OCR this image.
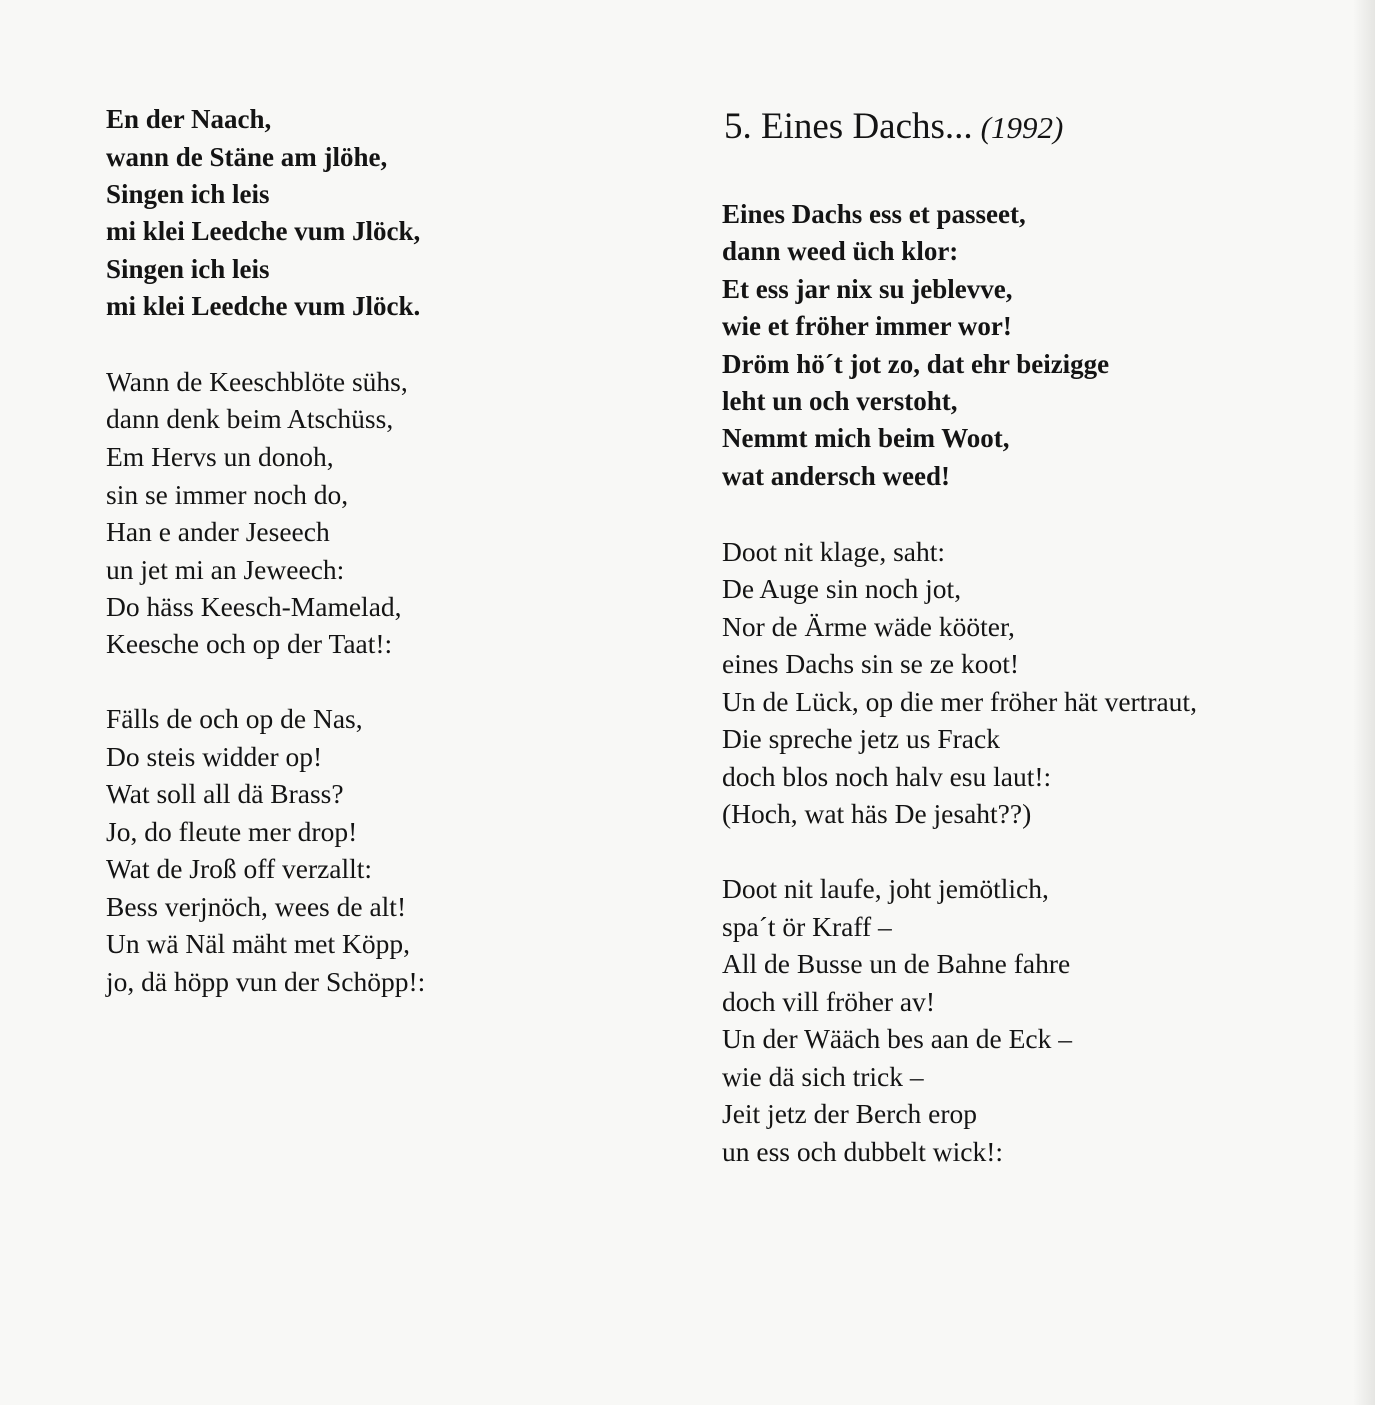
En der Naach,
wann de Stäne am jlöhe,
Singen ich leis
mi klei Leedche vum Jlöck,
Singen ich leis
mi klei Leedche vum Jlöck.
Wann de Keeschblöte sühs,
dann denk beim Atschüss,
Em Hervs un donoh,
sin se immer noch do,
Han e ander Jeseech
un jet mi an Jeweech:
Do häss Keesch-Mamelad,
Keesche och op der Taat!:
Fälls de och op de Nas,
Do steis widder op!
Wat soll all dä Brass?
Jo, do fleute mer drop!
Wat de Jroß off verzallt:
Bess verjnöch, wees de alt!
Un wä Näl mäht met Köpp,
jo, dä höpp vun der Schöpp!:
5. Eines Dachs... (1992)
Eines Dachs ess et passeet,
dann weed üch klor:
Et ess jar nix su jeblevve,
wie et fröher immer wor!
Dröm hö´t jot zo, dat ehr beizigge
leht un och verstoht,
Nemmt mich beim Woot,
wat andersch weed!
Doot nit klage, saht:
De Auge sin noch jot,
Nor de Ärme wäde kööter,
eines Dachs sin se ze koot!
Un de Lück, op die mer fröher hät vertraut,
Die spreche jetz us Frack
doch blos noch halv esu laut!:
(Hoch, wat häs De jesaht??)
Doot nit laufe, joht jemötlich,
spa´t ör Kraff –
All de Busse un de Bahne fahre
doch vill fröher av!
Un der Wääch bes aan de Eck –
wie dä sich trick –
Jeit jetz der Berch erop
un ess och dubbelt wick!:
